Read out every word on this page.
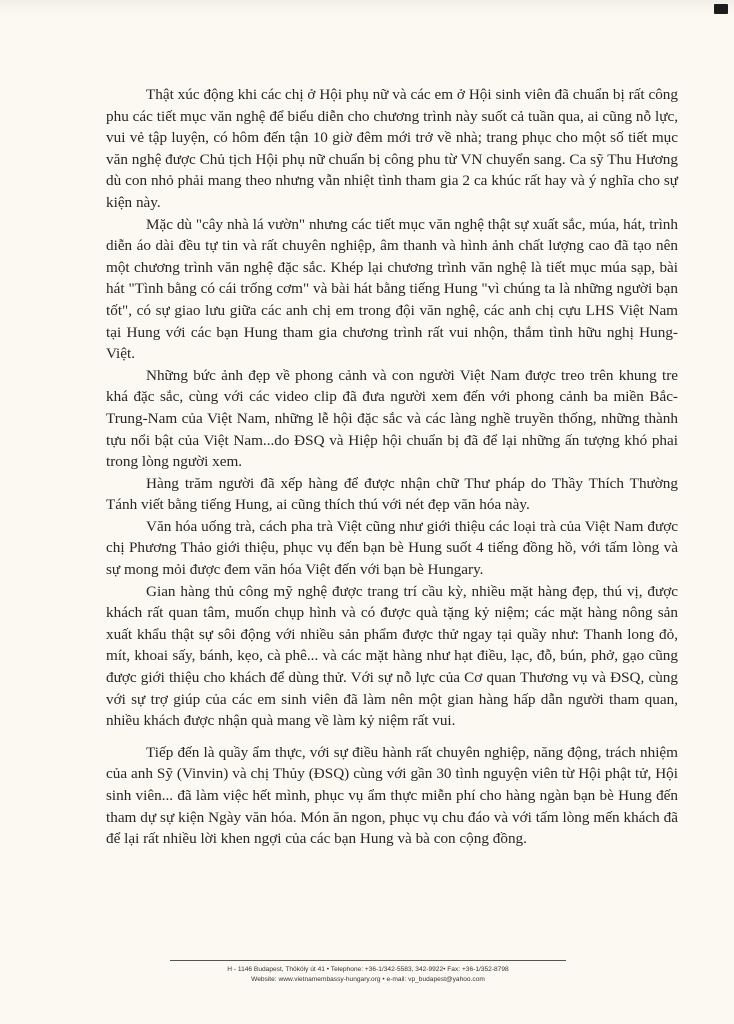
Thật xúc động khi các chị ở Hội phụ nữ và các em ở Hội sinh viên đã chuẩn bị rất công phu các tiết mục văn nghệ để biểu diễn cho chương trình này suốt cả tuần qua, ai cũng nỗ lực, vui vẻ tập luyện, có hôm đến tận 10 giờ đêm mới trở về nhà; trang phục cho một số tiết mục văn nghệ được Chủ tịch Hội phụ nữ chuẩn bị công phu từ VN chuyển sang. Ca sỹ Thu Hương dù con nhỏ phải mang theo nhưng vẫn nhiệt tình tham gia 2 ca khúc rất hay và ý nghĩa cho sự kiện này.

Mặc dù "cây nhà lá vườn" nhưng các tiết mục văn nghệ thật sự xuất sắc, múa, hát, trình diễn áo dài đều tự tin và rất chuyên nghiệp, âm thanh và hình ảnh chất lượng cao đã tạo nên một chương trình văn nghệ đặc sắc. Khép lại chương trình văn nghệ là tiết mục múa sạp, bài hát "Tình bằng có cái trống cơm" và bài hát bằng tiếng Hung "vì chúng ta là những người bạn tốt", có sự giao lưu giữa các anh chị em trong đội văn nghệ, các anh chị cựu LHS Việt Nam tại Hung với các bạn Hung tham gia chương trình rất vui nhộn, thắm tình hữu nghị Hung-Việt.

Những bức ảnh đẹp về phong cảnh và con người Việt Nam được treo trên khung tre khá đặc sắc, cùng với các video clip đã đưa người xem đến với phong cảnh ba miền Bắc-Trung-Nam của Việt Nam, những lễ hội đặc sắc và các làng nghề truyền thống, những thành tựu nổi bật của Việt Nam...do ĐSQ và Hiệp hội chuẩn bị đã để lại những ấn tượng khó phai trong lòng người xem.

Hàng trăm người đã xếp hàng để được nhận chữ Thư pháp do Thầy Thích Thường Tánh viết bằng tiếng Hung, ai cũng thích thú với nét đẹp văn hóa này.

Văn hóa uống trà, cách pha trà Việt cũng như giới thiệu các loại trà của Việt Nam được chị Phương Thảo giới thiệu, phục vụ đến bạn bè Hung suốt 4 tiếng đồng hồ, với tấm lòng và sự mong mỏi được đem văn hóa Việt đến với bạn bè Hungary.

Gian hàng thủ công mỹ nghệ được trang trí cầu kỳ, nhiều mặt hàng đẹp, thú vị, được khách rất quan tâm, muốn chụp hình và có được quà tặng kỷ niệm; các mặt hàng nông sản xuất khẩu thật sự sôi động với nhiều sản phẩm được thử ngay tại quầy như: Thanh long đỏ, mít, khoai sấy, bánh, kẹo, cà phê... và các mặt hàng như hạt điều, lạc, đỗ, bún, phở, gạo cũng được giới thiệu cho khách để dùng thử. Với sự nỗ lực của Cơ quan Thương vụ và ĐSQ, cùng với sự trợ giúp của các em sinh viên đã làm nên một gian hàng hấp dẫn người tham quan, nhiều khách được nhận quà mang về làm kỷ niệm rất vui.

Tiếp đến là quầy ẩm thực, với sự điều hành rất chuyên nghiệp, năng động, trách nhiệm của anh Sỹ (Vinvin) và chị Thủy (ĐSQ) cùng với gần 30 tình nguyện viên từ Hội phật tử, Hội sinh viên... đã làm việc hết mình, phục vụ ẩm thực miễn phí cho hàng ngàn bạn bè Hung đến tham dự sự kiện Ngày văn hóa. Món ăn ngon, phục vụ chu đáo và với tấm lòng mến khách đã để lại rất nhiều lời khen ngợi của các bạn Hung và bà con cộng đồng.

H - 1146 Budapest, Thököly út 41 • Telephone: +36-1/342-5583, 342-9922• Fax: +36-1/352-8798
Website: www.vietnamembassy-hungary.org • e-mail: vp_budapest@yahoo.com
